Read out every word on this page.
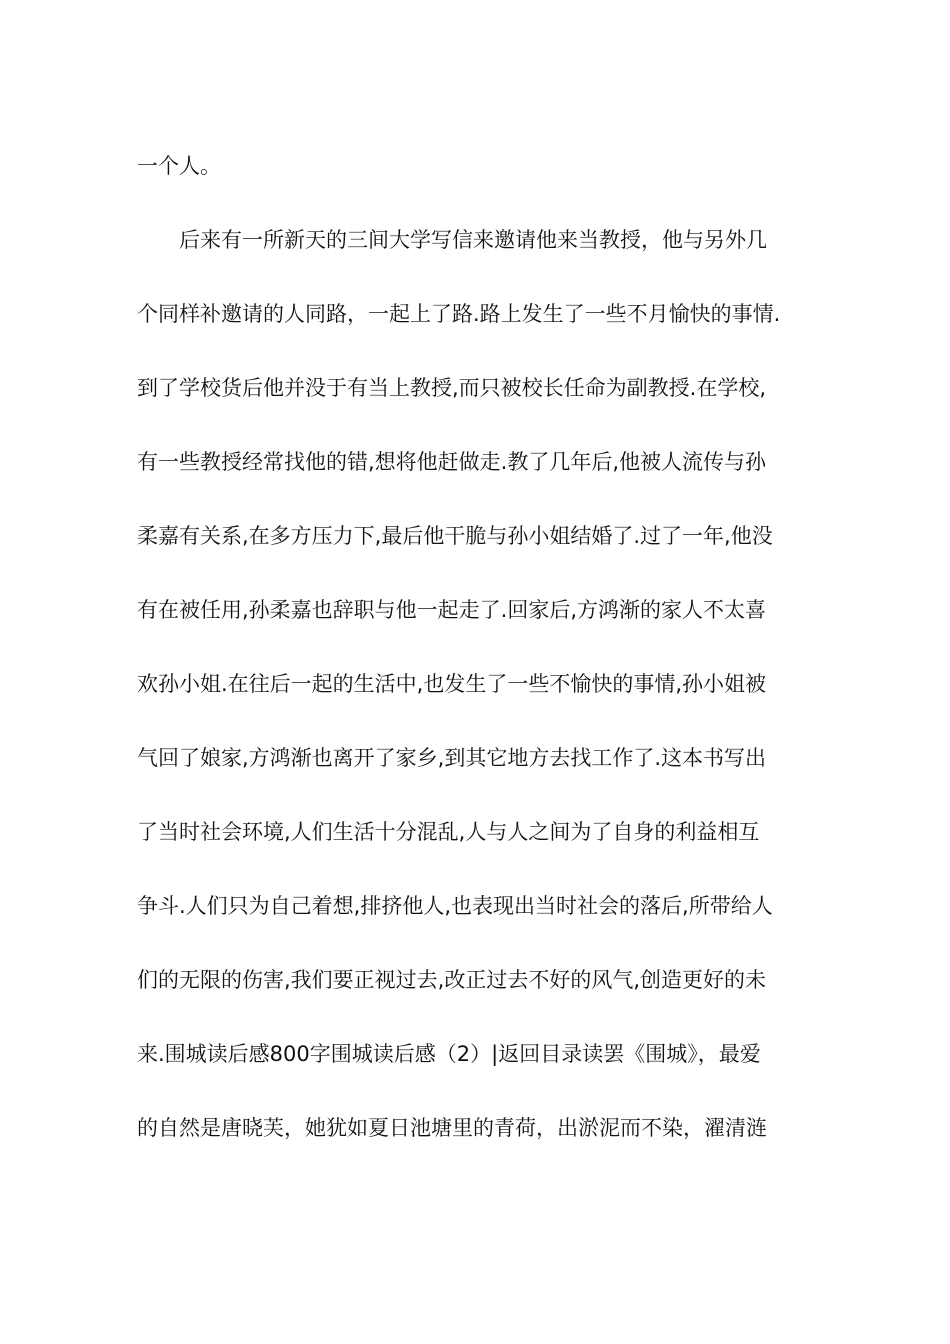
一个人。
后来有一所新天的三间大学写信来邀请他来当教授，他与另外几
个同样补邀请的人同路，一起上了路.路上发生了一些不月愉快的事情.
到了学校货后他并没于有当上教授,而只被校长任命为副教授.在学校,
有一些教授经常找他的错,想将他赶做走.教了几年后,他被人流传与孙
柔嘉有关系,在多方压力下,最后他干脆与孙小姐结婚了.过了一年,他没
有在被任用,孙柔嘉也辞职与他一起走了.回家后,方鸿渐的家人不太喜
欢孙小姐.在往后一起的生活中,也发生了一些不愉快的事情,孙小姐被
气回了娘家,方鸿渐也离开了家乡,到其它地方去找工作了.这本书写出
了当时社会环境,人们生活十分混乱,人与人之间为了自身的利益相互
争斗.人们只为自己着想,排挤他人,也表现出当时社会的落后,所带给人
们的无限的伤害,我们要正视过去,改正过去不好的风气,创造更好的未
来.围城读后感800字围城读后感（2）|返回目录读罢《围城》，最爱
的自然是唐晓芙，她犹如夏日池塘里的青荷，出淤泥而不染，濯清涟
